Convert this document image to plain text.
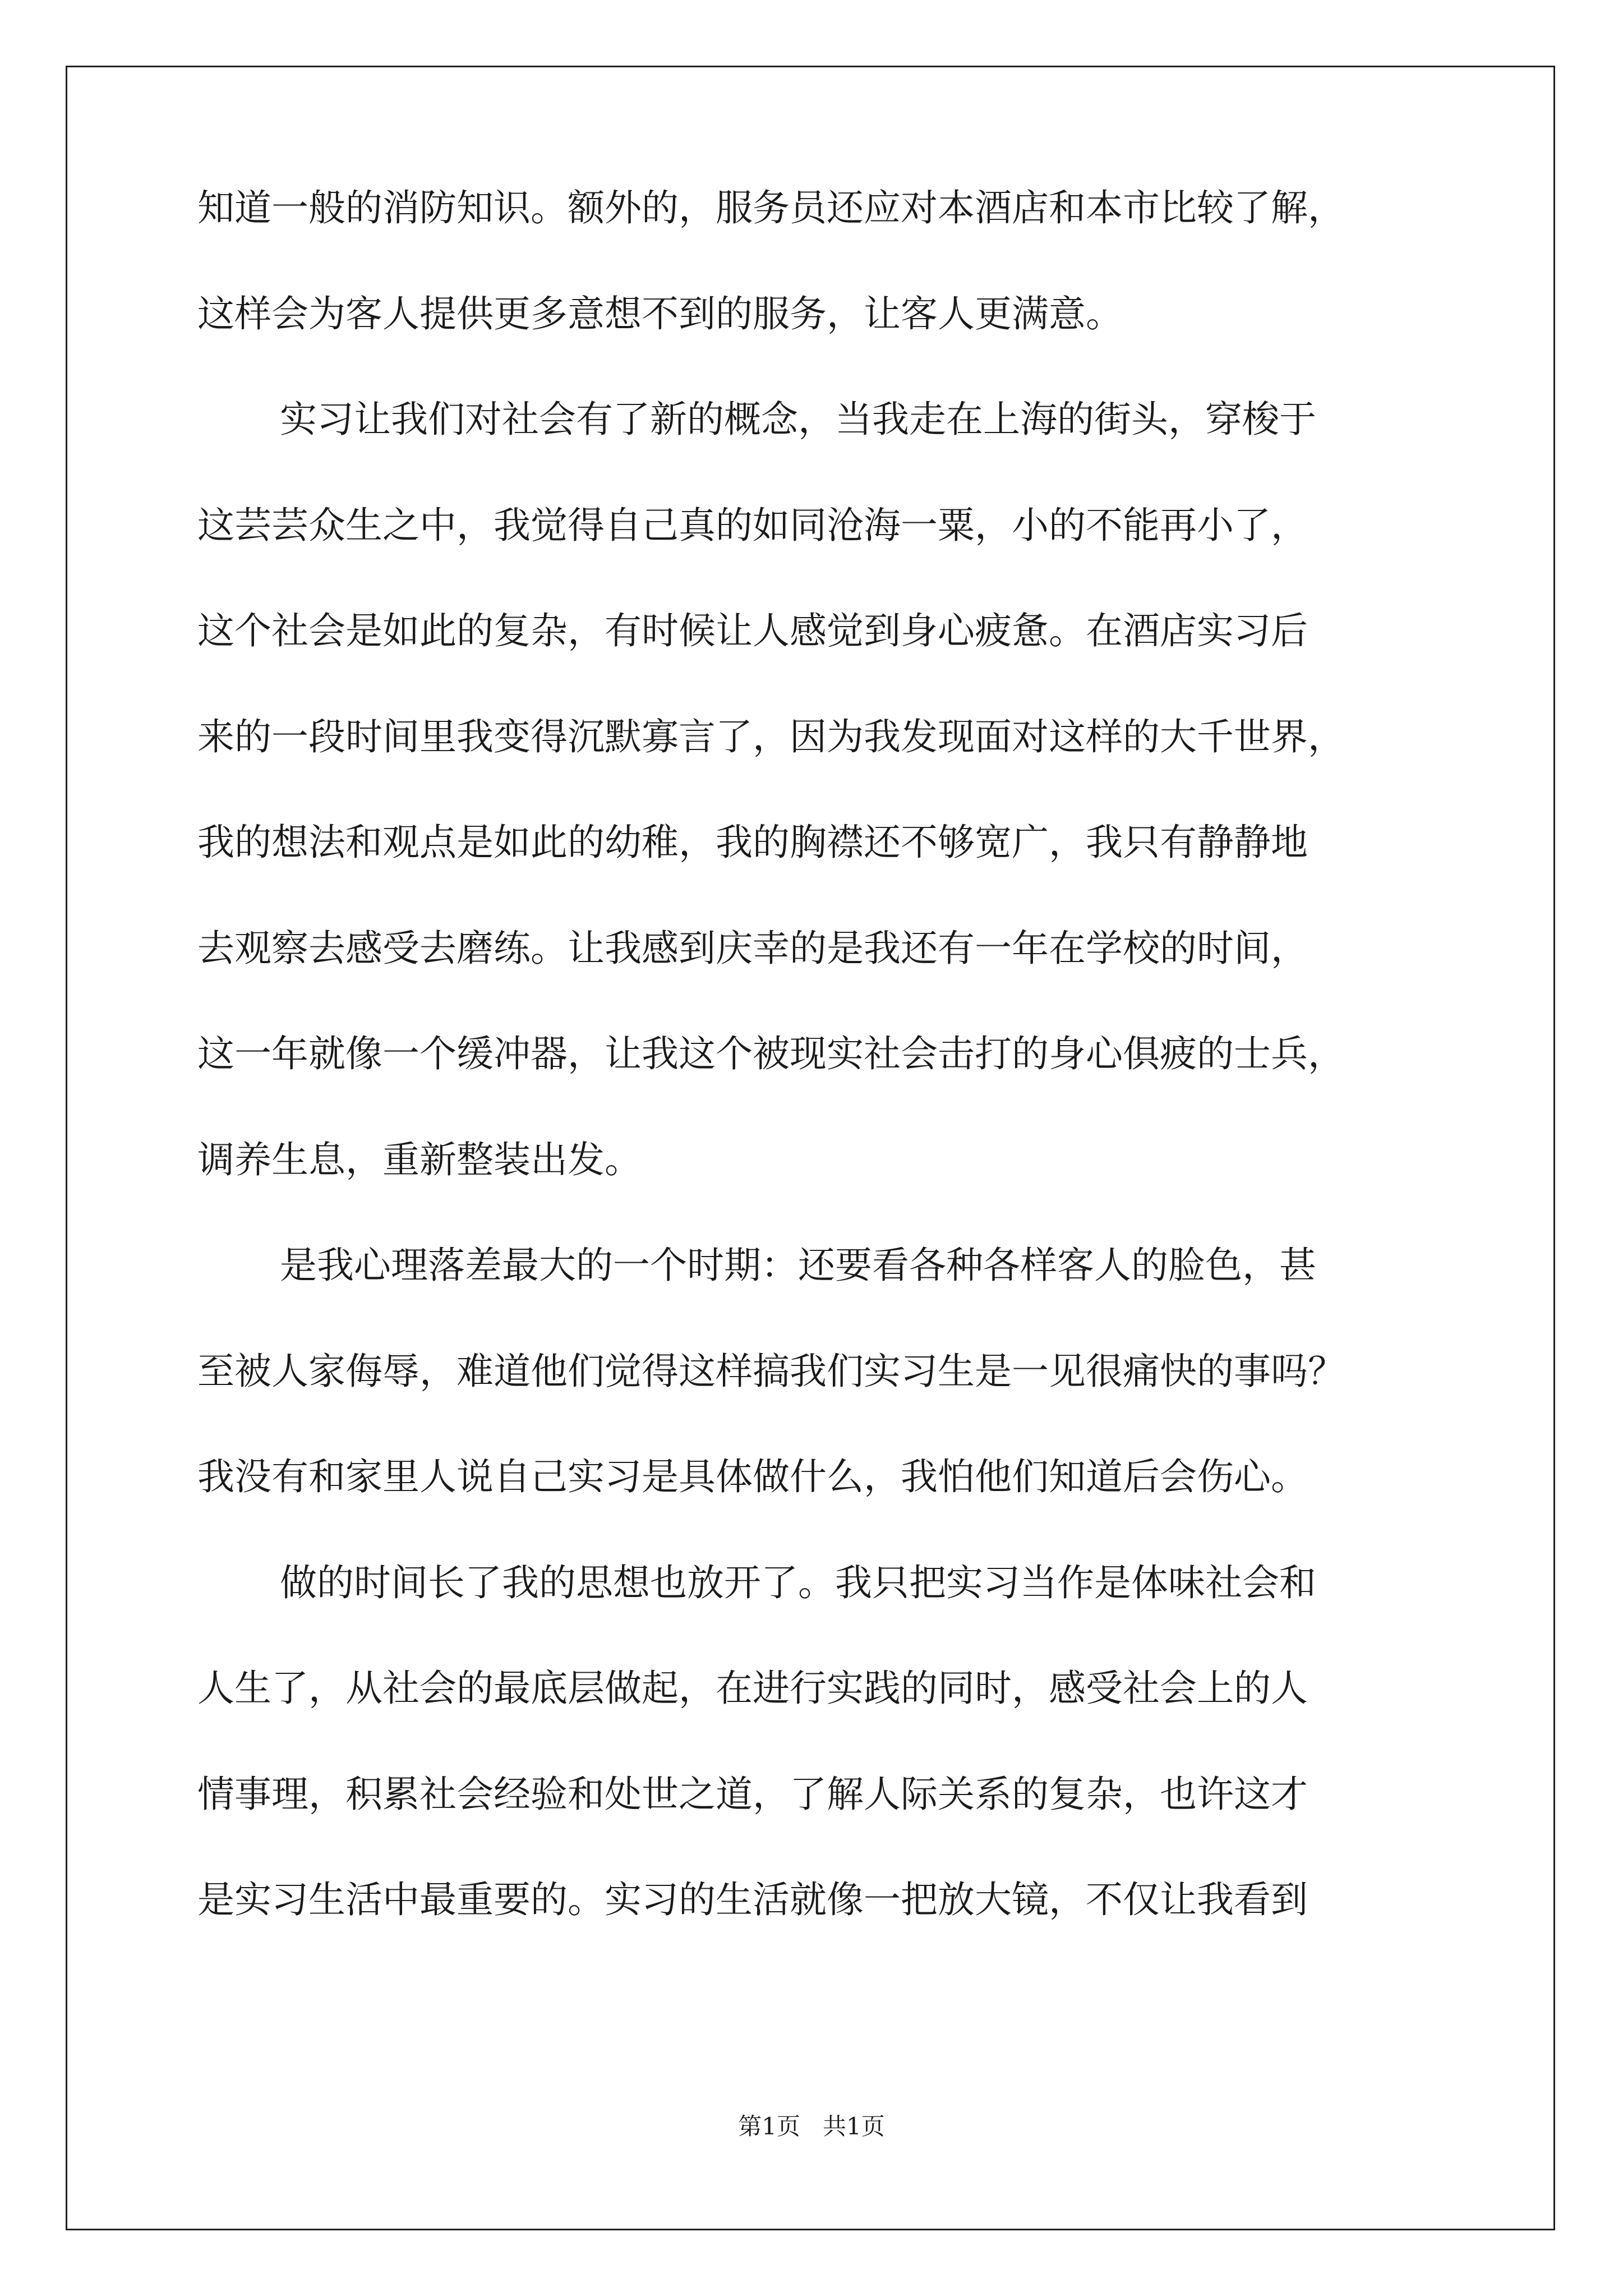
知道一般的消防知识。额外的，服务员还应对本酒店和本市比较了解，
这样会为客人提供更多意想不到的服务，让客人更满意。
实习让我们对社会有了新的概念，当我走在上海的街头，穿梭于
这芸芸众生之中，我觉得自己真的如同沧海一粟，小的不能再小了，
这个社会是如此的复杂，有时候让人感觉到身心疲惫。在酒店实习后
来的一段时间里我变得沉默寡言了，因为我发现面对这样的大千世界，
我的想法和观点是如此的幼稚，我的胸襟还不够宽广，我只有静静地
去观察去感受去磨练。让我感到庆幸的是我还有一年在学校的时间，
这一年就像一个缓冲器，让我这个被现实社会击打的身心俱疲的士兵，
调养生息，重新整装出发。
是我心理落差最大的一个时期：还要看各种各样客人的脸色，甚
至被人家侮辱，难道他们觉得这样搞我们实习生是一见很痛快的事吗？
我没有和家里人说自己实习是具体做什么，我怕他们知道后会伤心。
做的时间长了我的思想也放开了。我只把实习当作是体味社会和
人生了，从社会的最底层做起，在进行实践的同时，感受社会上的人
情事理，积累社会经验和处世之道，了解人际关系的复杂，也许这才
是实习生活中最重要的。实习的生活就像一把放大镜，不仅让我看到
第1页   共1页
